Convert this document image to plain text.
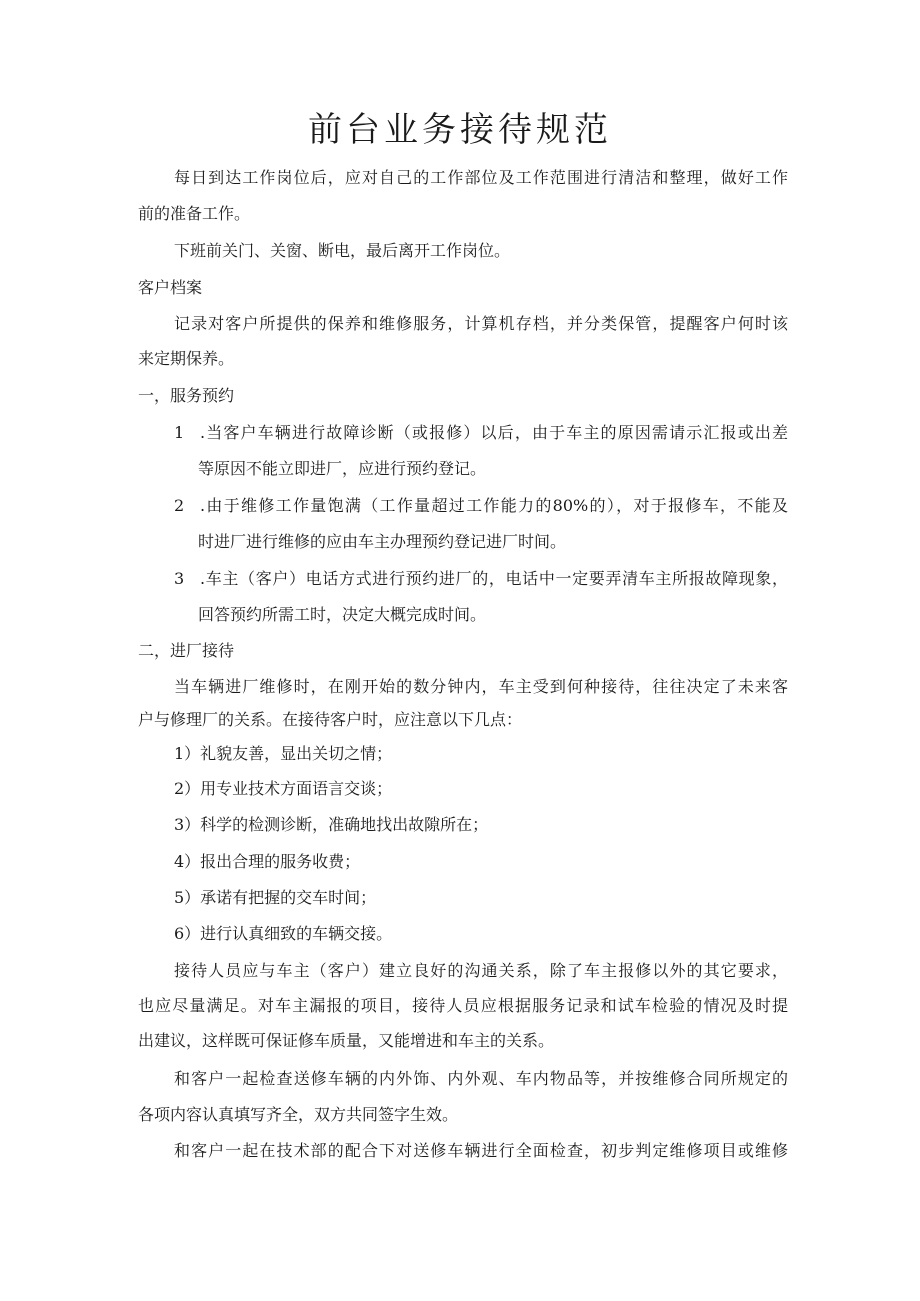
前台业务接待规范
每日到达工作岗位后，应对自己的工作部位及工作范围进行清洁和整理，做好工作
前的准备工作。
下班前关门、关窗、断电，最后离开工作岗位。
客户档案
记录对客户所提供的保养和维修服务，计算机存档，并分类保管，提醒客户何时该
来定期保养。
一，服务预约
1 .当客户车辆进行故障诊断（或报修）以后，由于车主的原因需请示汇报或出差
等原因不能立即进厂，应进行预约登记。
2 .由于维修工作量饱满（工作量超过工作能力的80%的），对于报修车，不能及
时进厂进行维修的应由车主办理预约登记进厂时间。
3 .车主（客户）电话方式进行预约进厂的，电话中一定要弄清车主所报故障现象，
回答预约所需工时，决定大概完成时间。
二，进厂接待
当车辆进厂维修时，在刚开始的数分钟内，车主受到何种接待，往往决定了未来客
户与修理厂的关系。在接待客户时，应注意以下几点：
1）礼貌友善，显出关切之情；
2）用专业技术方面语言交谈；
3）科学的检测诊断，准确地找出故隙所在；
4）报出合理的服务收费；
5）承诺有把握的交车时间；
6）进行认真细致的车辆交接。
接待人员应与车主（客户）建立良好的沟通关系，除了车主报修以外的其它要求，
也应尽量满足。对车主漏报的项目，接待人员应根据服务记录和试车检验的情况及时提
出建议，这样既可保证修车质量，又能增进和车主的关系。
和客户一起检查送修车辆的内外饰、内外观、车内物品等，并按维修合同所规定的
各项内容认真填写齐全，双方共同签字生效。
和客户一起在技术部的配合下对送修车辆进行全面检查，初步判定维修项目或维修
